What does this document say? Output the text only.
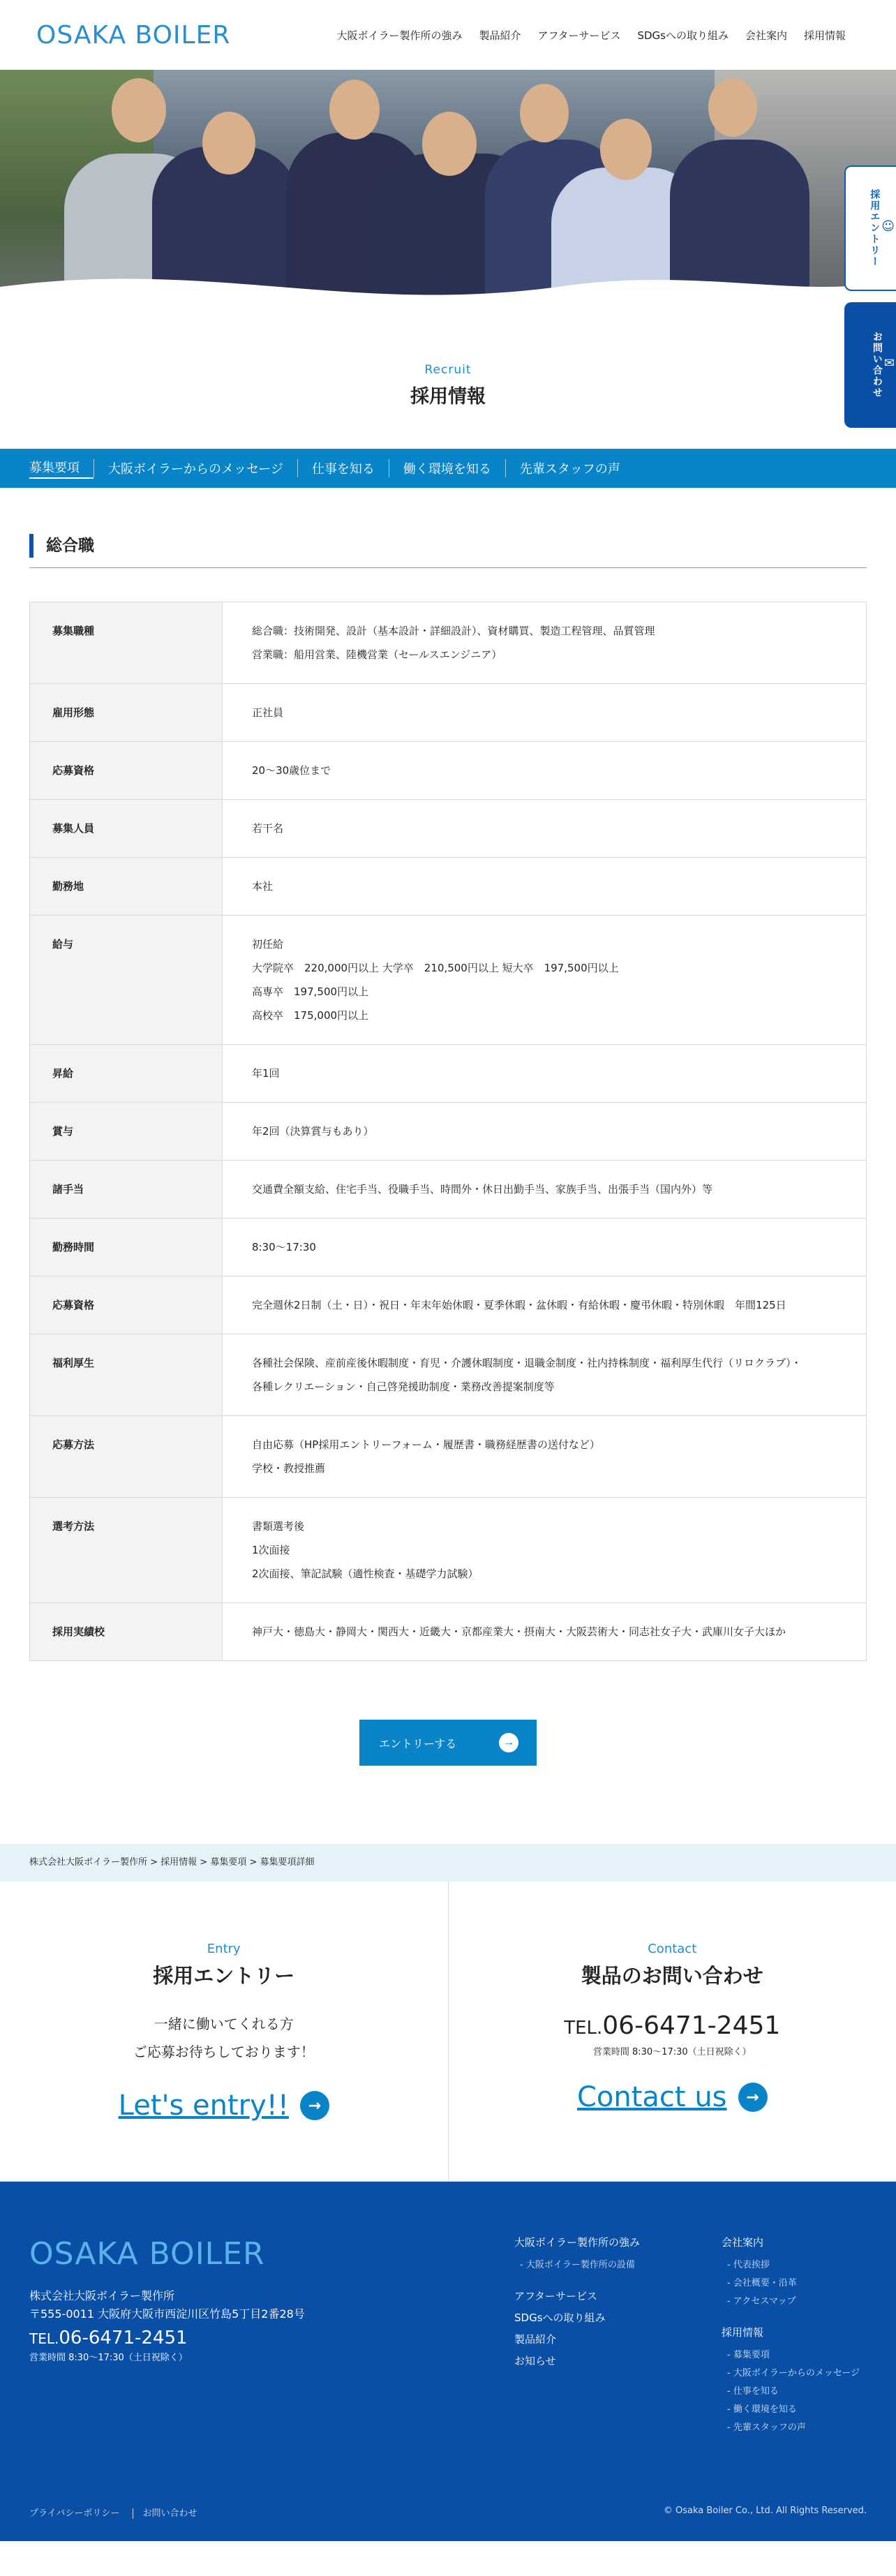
OSAKA BOILER	大阪ボイラー製作所の強み 製品紹介 アフターサービス SDGsへの取り組み 会社案内 採用情報
☺
採用エントリー
✉
お問い合わせ
Recruit
採用情報
募集要項	大阪ボイラーからのメッセージ	仕事を知る	働く環境を知る	先輩スタッフの声
総合職
募集職種	総合職：技術開発、設計（基本設計・詳細設計）、資材購買、製造工程管理、品質管理
営業職：船用営業、陸機営業（セールスエンジニア）

雇用形態	正社員

応募資格	20〜30歳位まで

募集人員	若干名

勤務地	本社

給与	初任給
大学院卒　220,000円以上 大学卒　210,500円以上 短大卒　197,500円以上
高専卒　197,500円以上
高校卒　175,000円以上

昇給	年1回

賞与	年2回（決算賞与もあり）

諸手当	交通費全額支給、住宅手当、役職手当、時間外・休日出勤手当、家族手当、出張手当（国内外）等

勤務時間	8:30〜17:30

応募資格	完全週休2日制（土・日）・祝日・年末年始休暇・夏季休暇・盆休暇・有給休暇・慶弔休暇・特別休暇　年間125日

福利厚生	各種社会保険、産前産後休暇制度・育児・介護休暇制度・退職金制度・社内持株制度・福利厚生代行（リロクラブ）・
各種レクリエーション・自己啓発援助制度・業務改善提案制度等

応募方法	自由応募（HP採用エントリーフォーム・履歴書・職務経歴書の送付など）
学校・教授推薦

選考方法	書類選考後
1次面接
2次面接、筆記試験（適性検査・基礎学力試験）

採用実績校	神戸大・徳島大・静岡大・関西大・近畿大・京都産業大・摂南大・大阪芸術大・同志社女子大・武庫川女子大ほか
エントリーする	→
株式会社大阪ボイラー製作所 > 採用情報 > 募集要項 > 募集要項詳細
Entry
採用エントリー
一緒に働いてくれる方
ご応募お待ちしております！
Let's entry!!	→
Contact
製品のお問い合わせ
TEL.06-6471-2451
営業時間 8:30〜17:30（土日祝除く）
Contact us	→
OSAKA BOILER
株式会社大阪ボイラー製作所
〒555-0011 大阪府大阪市西淀川区竹島5丁目2番28号
TEL.06-6471-2451
営業時間 8:30〜17:30（土日祝除く）
大阪ボイラー製作所の強み
- 大阪ボイラー製作所の設備
アフターサービス
SDGsへの取り組み
製品紹介
お知らせ
会社案内
- 代表挨拶
- 会社概要・沿革
- アクセスマップ
採用情報
- 募集要項
- 大阪ボイラーからのメッセージ
- 仕事を知る
- 働く環境を知る
- 先輩スタッフの声
プライバシーポリシー	お問い合わせ	© Osaka Boiler Co., Ltd. All Rights Reserved.
